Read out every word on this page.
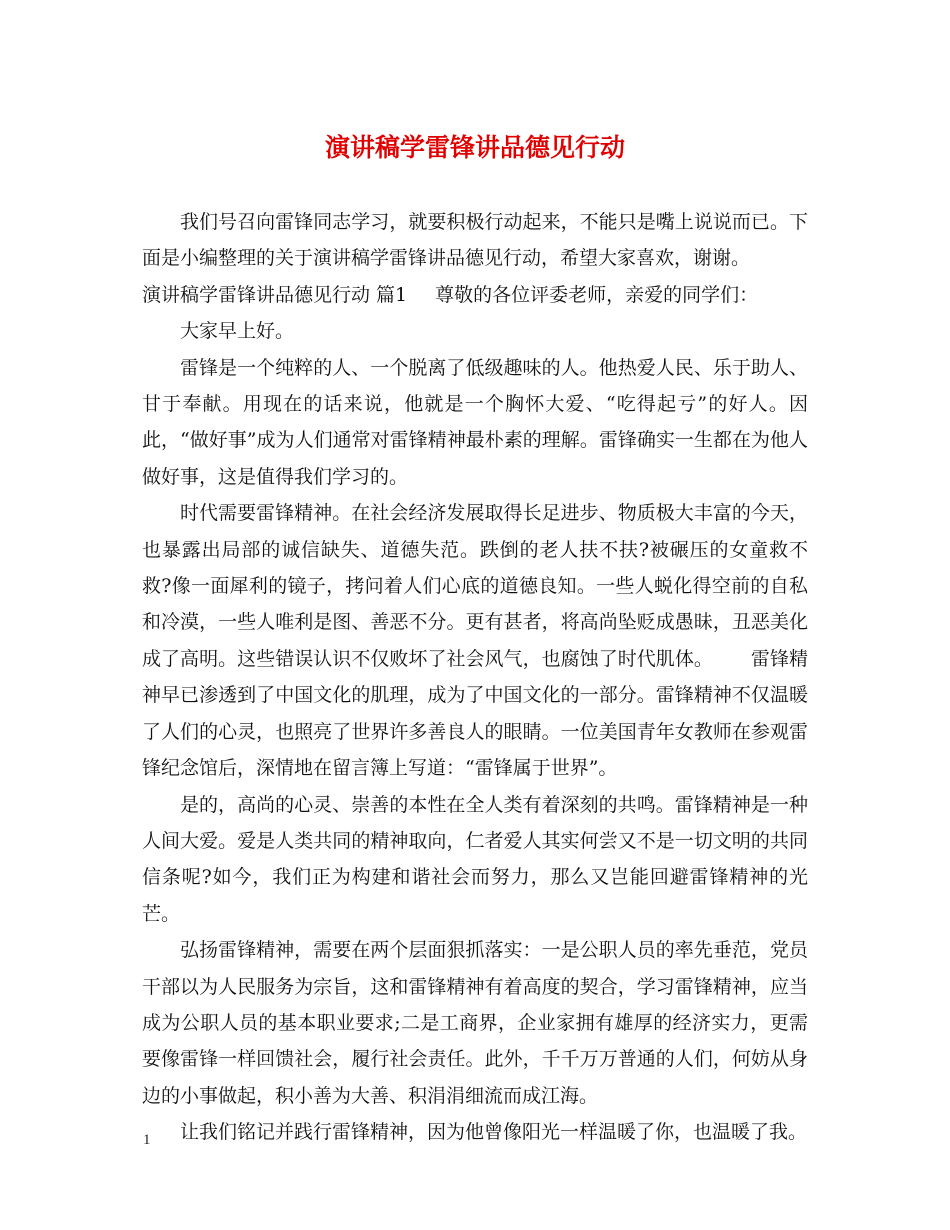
演讲稿学雷锋讲品德见行动

我们号召向雷锋同志学习，就要积极行动起来，不能只是嘴上说说而已。下面是小编整理的关于演讲稿学雷锋讲品德见行动，希望大家喜欢，谢谢。

演讲稿学雷锋讲品德见行动 篇1 尊敬的各位评委老师，亲爱的同学们：

大家早上好。

雷锋是一个纯粹的人、一个脱离了低级趣味的人。他热爱人民、乐于助人、甘于奉献。用现在的话来说，他就是一个胸怀大爱、“吃得起亏”的好人。因此，“做好事”成为人们通常对雷锋精神最朴素的理解。雷锋确实一生都在为他人做好事，这是值得我们学习的。

时代需要雷锋精神。在社会经济发展取得长足进步、物质极大丰富的今天，也暴露出局部的诚信缺失、道德失范。跌倒的老人扶不扶?被碾压的女童救不救?像一面犀利的镜子，拷问着人们心底的道德良知。一些人蜕化得空前的自私和冷漠，一些人唯利是图、善恶不分。更有甚者，将高尚坠贬成愚昧，丑恶美化成了高明。这些错误认识不仅败坏了社会风气，也腐蚀了时代肌体。 雷锋精神早已渗透到了中国文化的肌理，成为了中国文化的一部分。雷锋精神不仅温暖了人们的心灵，也照亮了世界许多善良人的眼睛。一位美国青年女教师在参观雷锋纪念馆后，深情地在留言簿上写道：“雷锋属于世界”。

是的，高尚的心灵、崇善的本性在全人类有着深刻的共鸣。雷锋精神是一种人间大爱。爱是人类共同的精神取向，仁者爱人其实何尝又不是一切文明的共同信条呢?如今，我们正为构建和谐社会而努力，那么又岂能回避雷锋精神的光芒。

弘扬雷锋精神，需要在两个层面狠抓落实：一是公职人员的率先垂范，党员干部以为人民服务为宗旨，这和雷锋精神有着高度的契合，学习雷锋精神，应当成为公职人员的基本职业要求;二是工商界，企业家拥有雄厚的经济实力，更需要像雷锋一样回馈社会，履行社会责任。此外，千千万万普通的人们，何妨从身边的小事做起，积小善为大善、积涓涓细流而成江海。

让我们铭记并践行雷锋精神，因为他曾像阳光一样温暖了你，也温暖了我。

1
